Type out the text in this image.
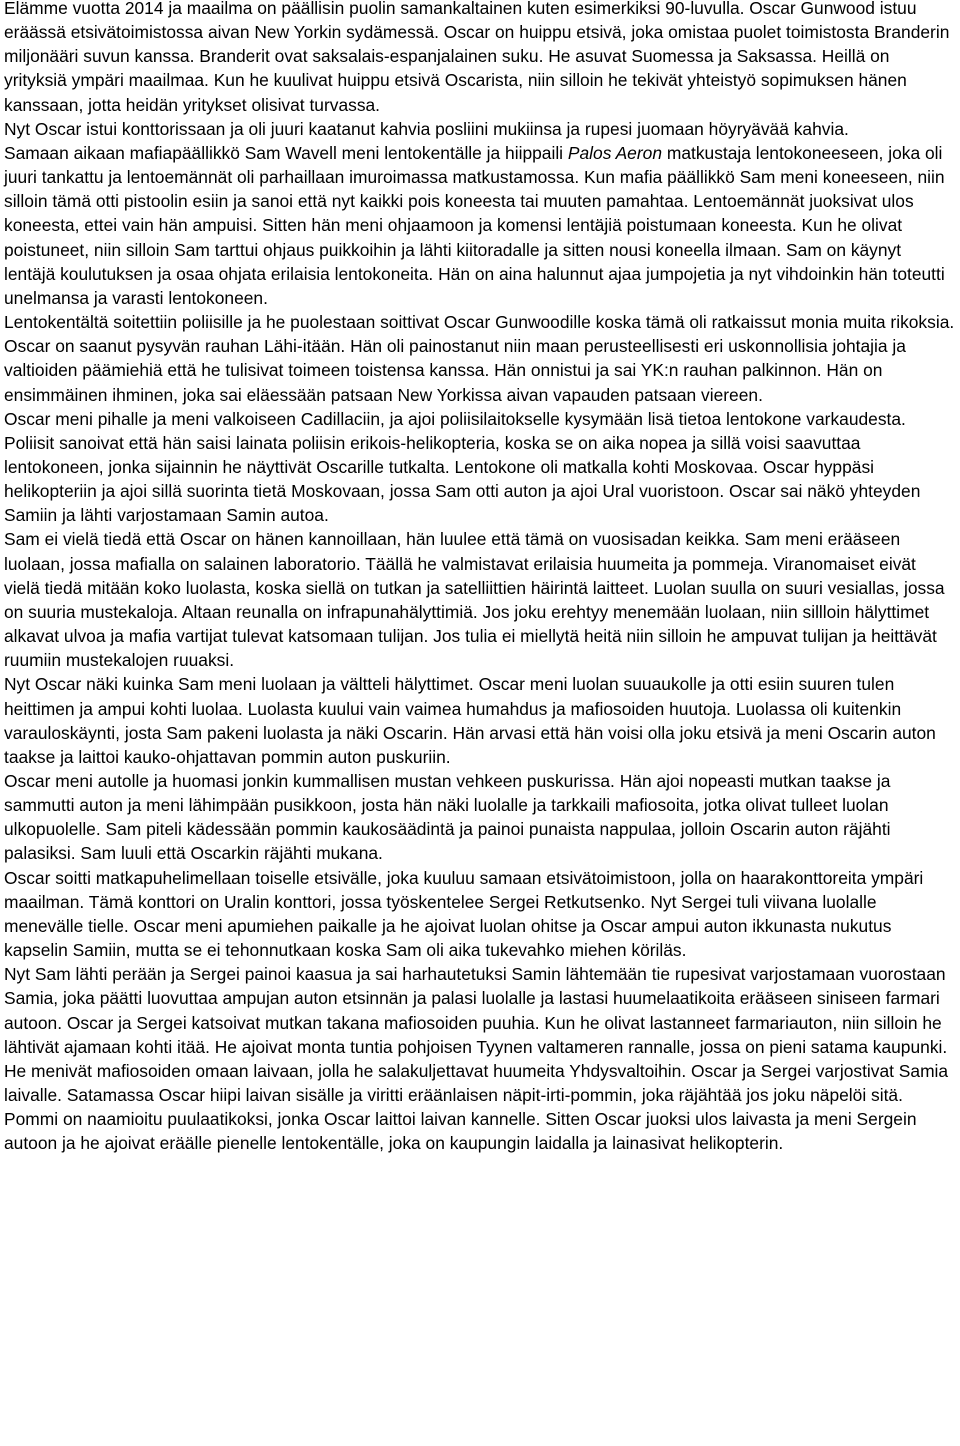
Elämme vuotta 2014 ja maailma on päällisin puolin samankaltainen kuten esimerkiksi 90-luvulla. Oscar Gunwood istuu eräässä etsivätoimistossa aivan New Yorkin sydämessä. Oscar on huippu etsivä, joka omistaa puolet toimistosta Branderin miljonääri suvun kanssa. Branderit ovat saksalais-espanjalainen suku. He asuvat Suomessa ja Saksassa. Heillä on yrityksiä ympäri maailmaa. Kun he kuulivat huippu etsivä Oscarista, niin silloin he tekivät yhteistyö sopimuksen hänen kanssaan, jotta heidän yritykset olisivat turvassa.

Nyt Oscar istui konttorissaan ja oli juuri kaatanut kahvia posliini mukiinsa ja rupesi juomaan höyryävää kahvia.

Samaan aikaan mafiapäällikkö Sam Wavell meni lentokentälle ja hiippaili Palos Aeron matkustaja lentokoneeseen, joka oli juuri tankattu ja lentoemännät oli parhaillaan imuroimassa matkustamossa. Kun mafia päällikkö Sam meni koneeseen, niin silloin tämä otti pistoolin esiin ja sanoi että nyt kaikki pois koneesta tai muuten pamahtaa. Lentoemännät juoksivat ulos koneesta, ettei vain hän ampuisi. Sitten hän meni ohjaamoon ja komensi lentäjiä poistumaan koneesta. Kun he olivat poistuneet, niin silloin Sam tarttui ohjaus puikkoihin ja lähti kiitoradalle ja sitten nousi koneella ilmaan. Sam on käynyt lentäjä koulutuksen ja osaa ohjata erilaisia lentokoneita. Hän on aina halunnut ajaa jumpojetia ja nyt vihdoinkin hän toteutti unelmansa ja varasti lentokoneen.

Lentokentältä soitettiin poliisille ja he puolestaan soittivat Oscar Gunwoodille koska tämä oli ratkaissut monia muita rikoksia. Oscar on saanut pysyvän rauhan Lähi-itään. Hän oli painostanut niin maan perusteellisesti eri uskonnollisia johtajia ja valtioiden päämiehiä että he tulisivat toimeen toistensa kanssa. Hän onnistui ja sai YK:n rauhan palkinnon. Hän on ensimmäinen ihminen, joka sai eläessään patsaan New Yorkissa aivan vapauden patsaan viereen.

Oscar meni pihalle ja meni valkoiseen Cadillaciin, ja ajoi poliisilaitokselle kysymään lisä tietoa lentokone varkaudesta. Poliisit sanoivat että hän saisi lainata poliisin erikois-helikopteria, koska se on aika nopea ja sillä voisi saavuttaa lentokoneen, jonka sijainnin he näyttivät Oscarille tutkalta. Lentokone oli matkalla kohti Moskovaa. Oscar hyppäsi helikopteriin ja ajoi sillä suorinta tietä Moskovaan, jossa Sam otti auton ja ajoi Ural vuoristoon. Oscar sai näkö yhteyden Samiin ja lähti varjostamaan Samin autoa.

Sam ei vielä tiedä että Oscar on hänen kannoillaan, hän luulee että tämä on vuosisadan keikka. Sam meni erääseen luolaan, jossa mafialla on salainen laboratorio. Täällä he valmistavat erilaisia huumeita ja pommeja. Viranomaiset eivät vielä tiedä mitään koko luolasta, koska siellä on tutkan ja satelliittien häirintä laitteet. Luolan suulla on suuri vesiallas, jossa on suuria mustekaloja. Altaan reunalla on infrapunahälyttimiä. Jos joku erehtyy menemään luolaan, niin sillloin hälyttimet alkavat ulvoa ja mafia vartijat tulevat katsomaan tulijan. Jos tulia ei miellytä heitä niin silloin he ampuvat tulijan ja heittävät ruumiin mustekalojen ruuaksi.

Nyt Oscar näki kuinka Sam meni luolaan ja vältteli hälyttimet. Oscar meni luolan suuaukolle ja otti esiin suuren tulen heittimen ja ampui kohti luolaa. Luolasta kuului vain vaimea humahdus ja mafiosoiden huutoja. Luolassa oli kuitenkin varauloskäynti, josta Sam pakeni luolasta ja näki Oscarin. Hän arvasi että hän voisi olla joku etsivä ja meni Oscarin auton taakse ja laittoi kauko-ohjattavan pommin auton puskuriin.

Oscar meni autolle ja huomasi jonkin kummallisen mustan vehkeen puskurissa. Hän ajoi nopeasti mutkan taakse ja sammutti auton ja meni lähimpään pusikkoon, josta hän näki luolalle ja tarkkaili mafiosoita, jotka olivat tulleet luolan ulkopuolelle. Sam piteli kädessään pommin kaukosäädintä ja painoi punaista nappulaa, jolloin Oscarin auton räjähti palasiksi. Sam luuli että Oscarkin räjähti mukana.

Oscar soitti matkapuhelimellaan toiselle etsivälle, joka kuuluu samaan etsivätoimistoon, jolla on haarakonttoreita ympäri maailman. Tämä konttori on Uralin konttori, jossa työskentelee Sergei Retkutsenko. Nyt Sergei tuli viivana luolalle menevälle tielle. Oscar meni apumiehen paikalle ja he ajoivat luolan ohitse ja Oscar ampui auton ikkunasta nukutus kapselin Samiin, mutta se ei tehonnutkaan koska Sam oli aika tukevahko miehen köriläs.

Nyt Sam lähti perään ja Sergei painoi kaasua ja sai harhautetuksi Samin lähtemään tie rupesivat varjostamaan vuorostaan Samia, joka päätti luovuttaa ampujan auton etsinnän ja palasi luolalle ja lastasi huumelaatikoita erääseen siniseen farmari autoon. Oscar ja Sergei katsoivat mutkan takana mafiosoiden puuhia. Kun he olivat lastanneet farmariauton, niin silloin he lähtivät ajamaan kohti itää. He ajoivat monta tuntia pohjoisen Tyynen valtameren rannalle, jossa on pieni satama kaupunki. He menivät mafiosoiden omaan laivaan, jolla he salakuljettavat huumeita Yhdysvaltoihin. Oscar ja Sergei varjostivat Samia laivalle. Satamassa Oscar hiipi laivan sisälle ja viritti eräänlaisen näpit-irti-pommin, joka räjähtää jos joku näpelöi sitä. Pommi on naamioitu puulaatikoksi, jonka Oscar laittoi laivan kannelle. Sitten Oscar juoksi ulos laivasta ja meni Sergein autoon ja he ajoivat eräälle pienelle lentokentälle, joka on kaupungin laidalla ja lainasivat helikopterin.
